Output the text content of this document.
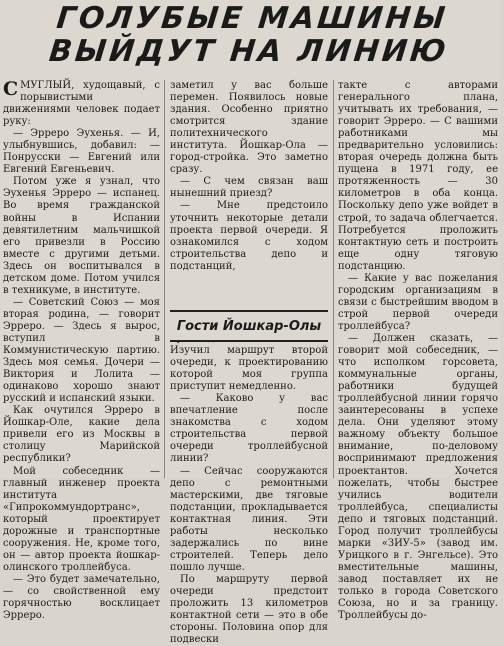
ГОЛУБЫЕ МАШИНЫ
ВЫЙДУТ НА ЛИНИЮ

СМУГЛЫЙ, худощавый, с порывистыми движениями человек подает руку:

— Эрреро Эухенья. — И, улыбнувшись, добавил: — Понрусски — Евгений или Евгений Евгеньевич.

Потом уже я узнал, что Эухенья Эрреро — испанец. Во время гражданской войны в Испании девятилетним мальчишкой его привезли в Россию вместе с другими детьми. Здесь он воспитывался в детском доме. Потом учился в техникуме, в институте.

— Советский Союз — моя вторая родина, — говорит Эрреро. — Здесь я вырос, вступил в Коммунистическую партию. Здесь моя семья. Дочери — Виктория и Лолита — одинаково хорошо знают русский и испанский языки.

Как очутился Эрреро в Йошкар-Оле, какие дела привели его из Москвы в столицу Марийской республики?

Мой собеседник — главный инженер проекта института «Гипрокоммундортранс», который проектирует дорожные и транспортные сооружения. Не, кроме того, он — автор проекта йошкар-олинского троллейбуса.

— Это будет замечательно, — со свойственной ему горячностью восклицает Эрреро.

заметил у вас больше перемен. Появилось новые здания. Особенно приятно смотрится здание политехнического института. Йошкар-Ола — город-стройка. Это заметно сразу.

— С чем связан ваш нынешний приезд?

— Мне предстоило уточнить некоторые детали проекта первой очереди. Я ознакомился с ходом строительства депо и подстанций,

Изучил маршрут второй очереди, к проектированию которой моя группа приступит немедленно.

— Каково у вас впечатление после знакомства с ходом строительства первой очереди троллейбусной линии?

— Сейчас сооружаются депо с ремонтными мастерскими, две тяговые подстанции, прокладывается контактная линия. Эти работы несколько задержались по вине строителей. Теперь дело пошло лучше.

По маршруту первой очереди предстоит проложить 13 километров контактной сети — это в обе стороны. Половина опор для подвески

Гости Йошкар-Олы

такте с авторами генерального плана, учитывать их требования, — говорит Эрреро. — С вашими работниками мы предварительно условились: вторая очередь должна быть пущена в 1971 году, ее протяженность — 30 километров в оба конца. Поскольку депо уже войдет в строй, то задача облегчается. Потребуется проложить контактную сеть и построить еще одну тяговую подстанцию.

— Какие у вас пожелания городским организациям в связи с быстрейшим вводом в строй первой очереди троллейбуса?

— Должен сказать, — говорит мой собеседник, — что исполком горсовета, коммунальные органы, работники будущей троллейбусной линии горячо заинтересованы в успехе дела. Они уделяют этому важному объекту большое внимание, по-деловому воспринимают предложения проектантов. Хочется пожелать, чтобы быстрее учились водители троллейбуса, специалисты депо и тяговых подстанций. Город получит троллейбусы марки «ЗИУ-5» (завод им. Урицкого в г. Энгельсе). Это вместительные машины, завод поставляет их не только в города Советского Союза, но и за границу. Троллейбусы до-
